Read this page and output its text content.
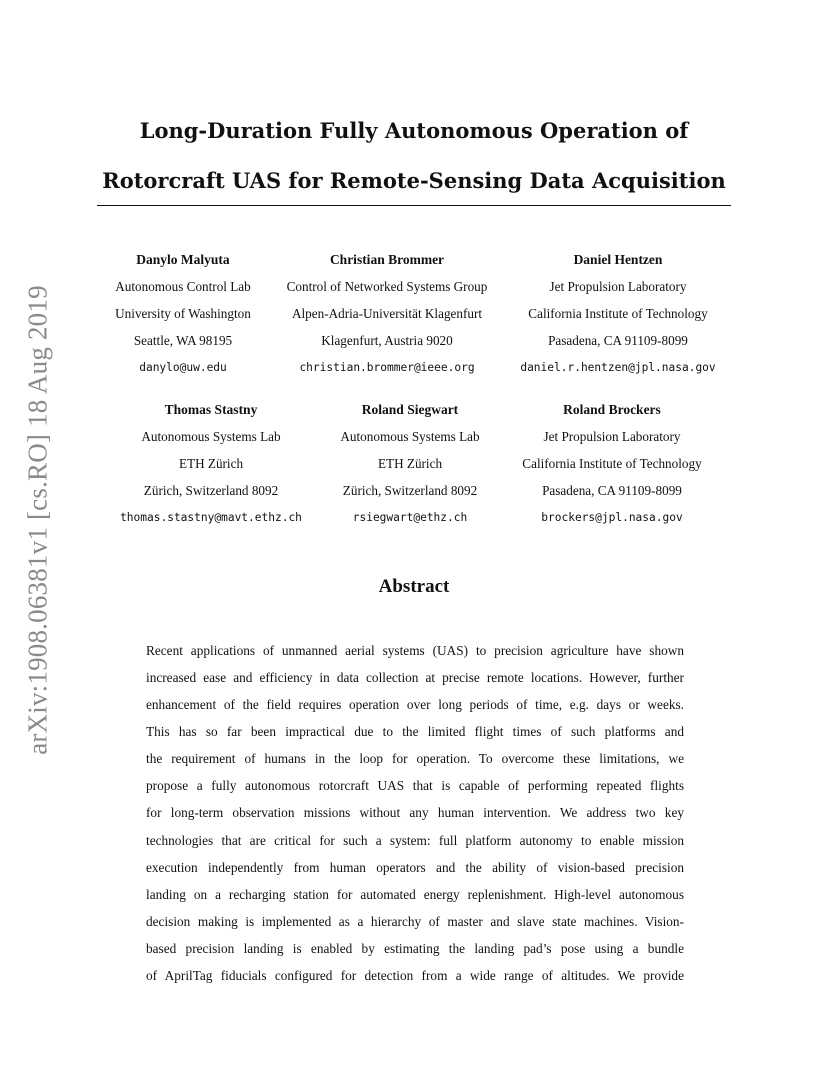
arXiv:1908.06381v1 [cs.RO] 18 Aug 2019
Long-Duration Fully Autonomous Operation of
Rotorcraft UAS for Remote-Sensing Data Acquisition
Danylo Malyuta
Autonomous Control Lab
University of Washington
Seattle, WA 98195
danylo@uw.edu
Christian Brommer
Control of Networked Systems Group
Alpen-Adria-Universität Klagenfurt
Klagenfurt, Austria 9020
christian.brommer@ieee.org
Daniel Hentzen
Jet Propulsion Laboratory
California Institute of Technology
Pasadena, CA 91109-8099
daniel.r.hentzen@jpl.nasa.gov
Thomas Stastny
Autonomous Systems Lab
ETH Zürich
Zürich, Switzerland 8092
thomas.stastny@mavt.ethz.ch
Roland Siegwart
Autonomous Systems Lab
ETH Zürich
Zürich, Switzerland 8092
rsiegwart@ethz.ch
Roland Brockers
Jet Propulsion Laboratory
California Institute of Technology
Pasadena, CA 91109-8099
brockers@jpl.nasa.gov
Abstract
Recent applications of unmanned aerial systems (UAS) to precision agriculture have shown
increased ease and efficiency in data collection at precise remote locations. However, further
enhancement of the field requires operation over long periods of time, e.g. days or weeks.
This has so far been impractical due to the limited flight times of such platforms and
the requirement of humans in the loop for operation. To overcome these limitations, we
propose a fully autonomous rotorcraft UAS that is capable of performing repeated flights
for long-term observation missions without any human intervention. We address two key
technologies that are critical for such a system: full platform autonomy to enable mission
execution independently from human operators and the ability of vision-based precision
landing on a recharging station for automated energy replenishment. High-level autonomous
decision making is implemented as a hierarchy of master and slave state machines. Vision-
based precision landing is enabled by estimating the landing pad’s pose using a bundle
of AprilTag fiducials configured for detection from a wide range of altitudes. We provide
